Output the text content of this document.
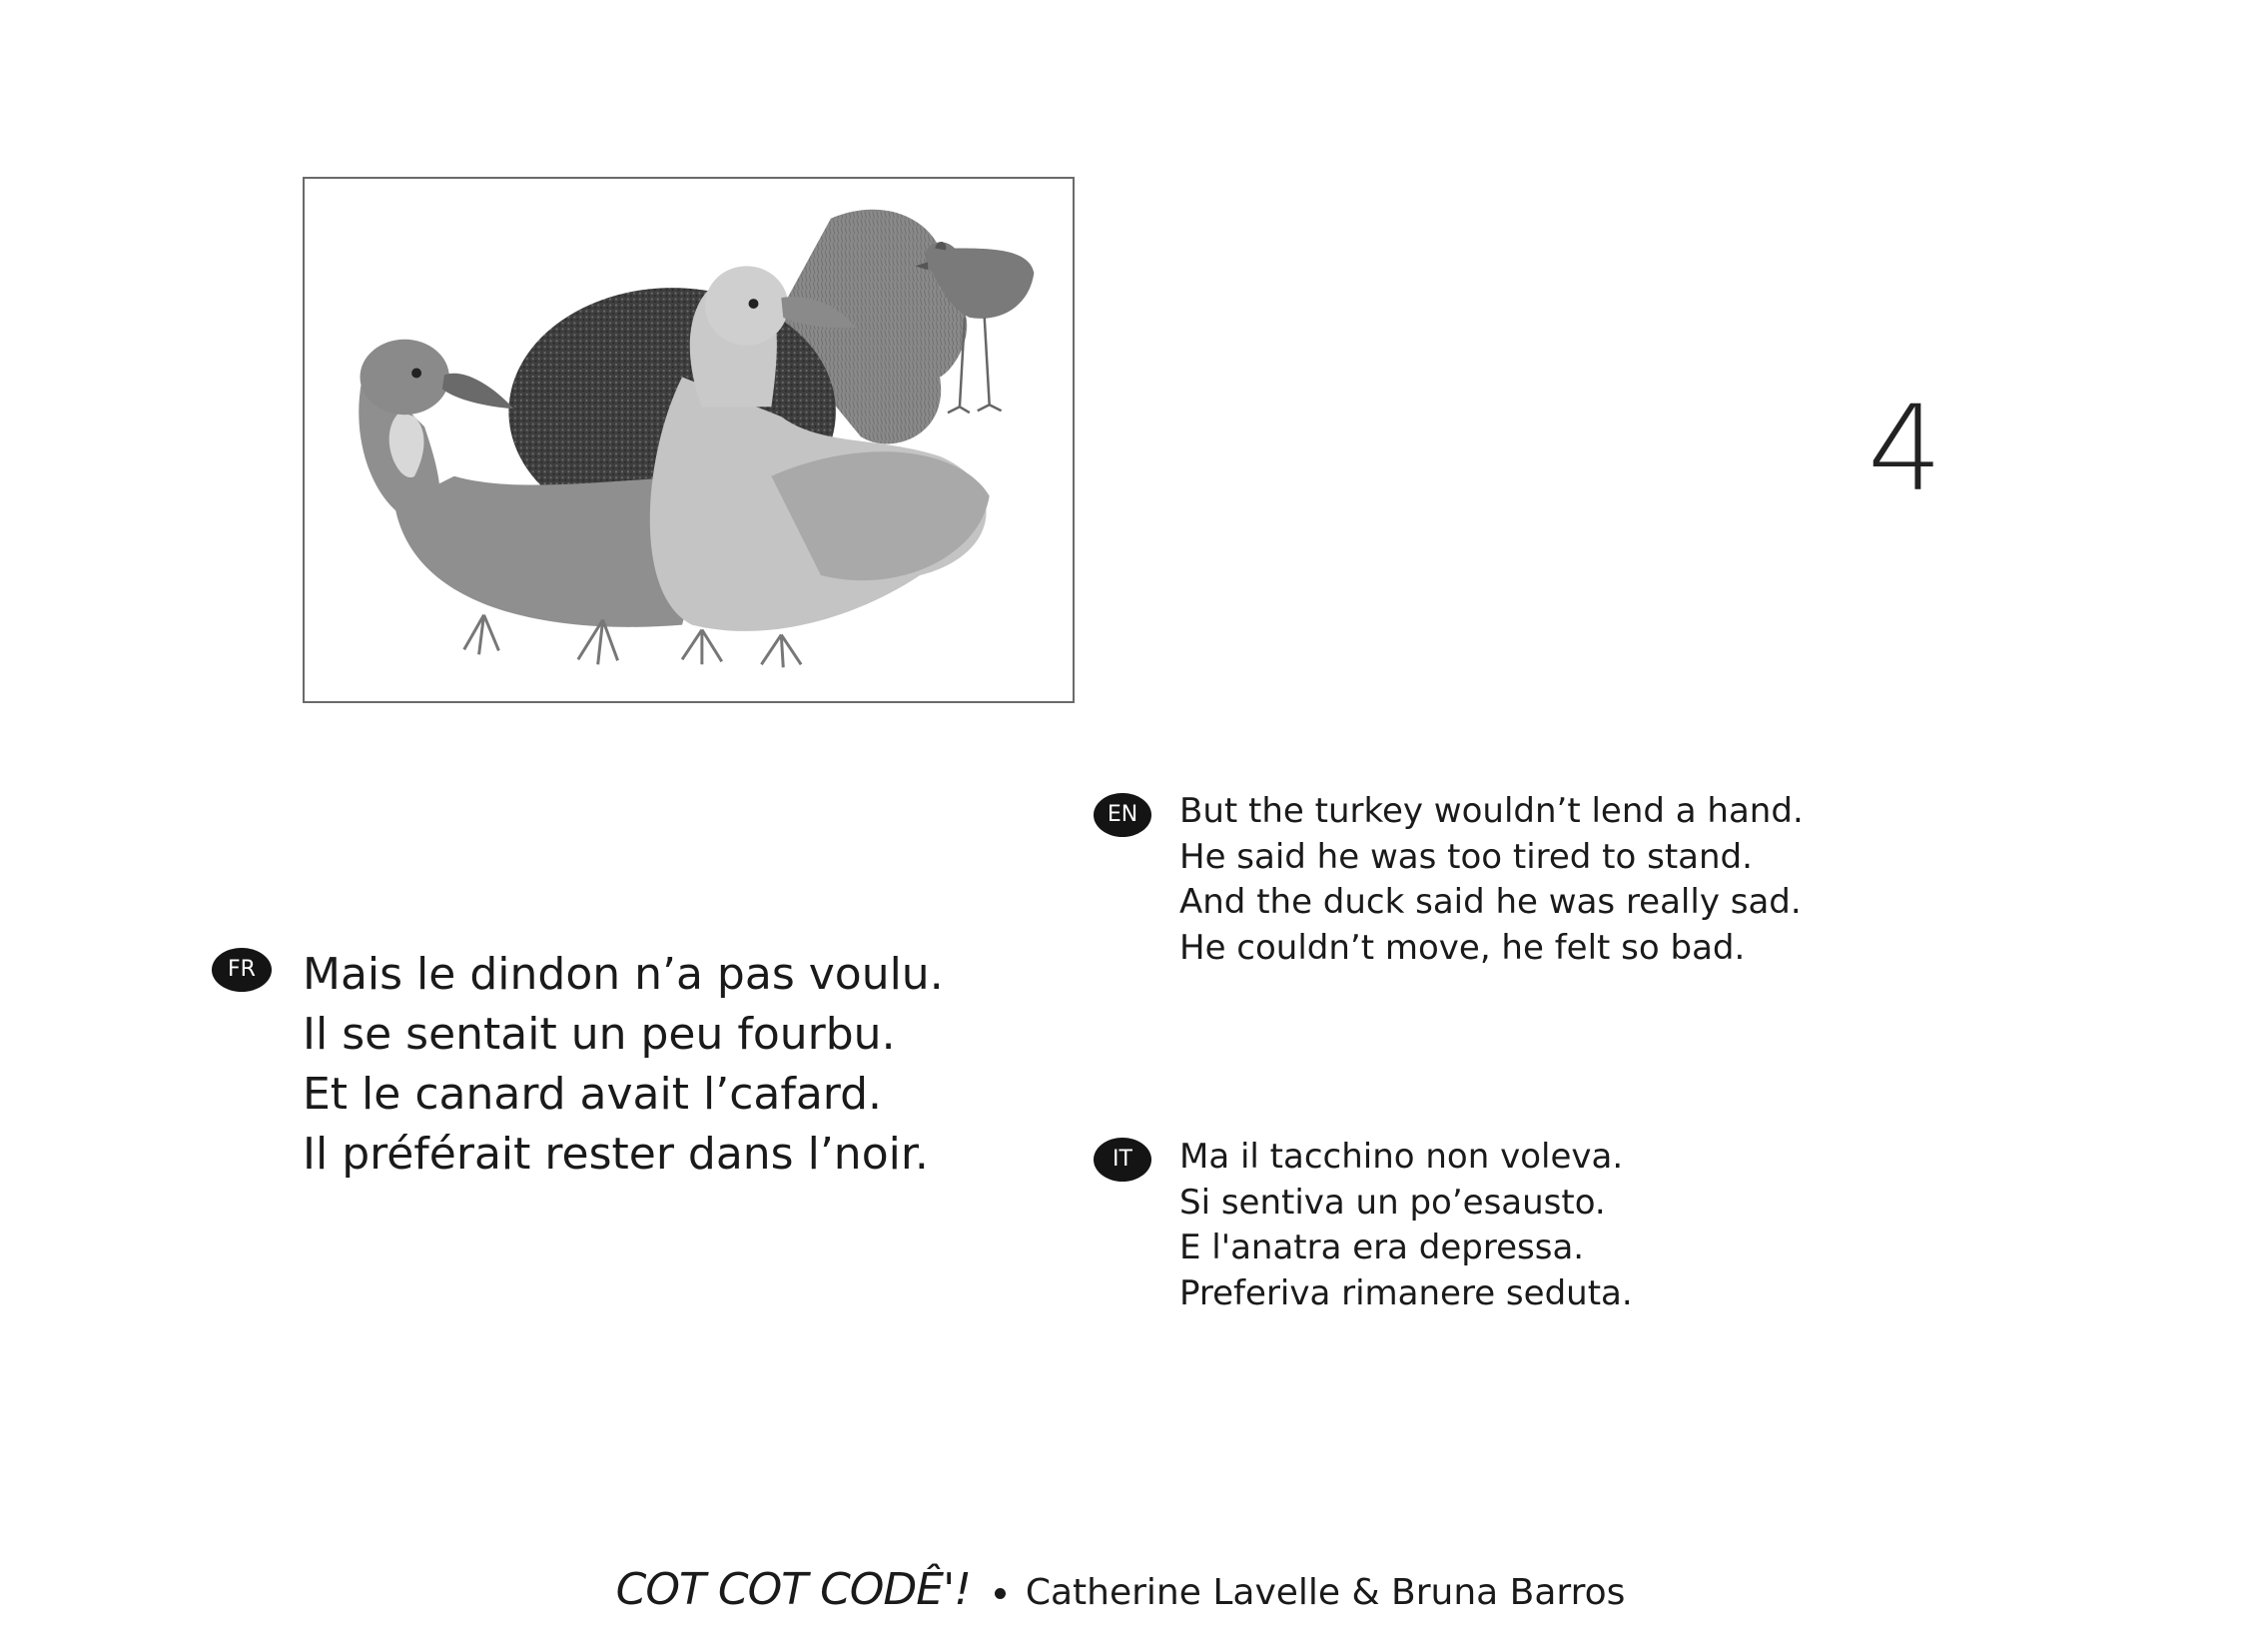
4
FR	Mais le dindon n’a pas voulu.
Il se sentait un peu fourbu.
Et le canard avait l’cafard.
Il préférait rester dans l’noir.
EN	But the turkey wouldn’t lend a hand.
He said he was too tired to stand.
And the duck said he was really sad.
He couldn’t move, he felt so bad.
IT	Ma il tacchino non voleva.
Si sentiva un po’esausto.
E l'anatra era depressa.
Preferiva rimanere seduta.
COT COT CODÊ'! Catherine Lavelle & Bruna Barros
